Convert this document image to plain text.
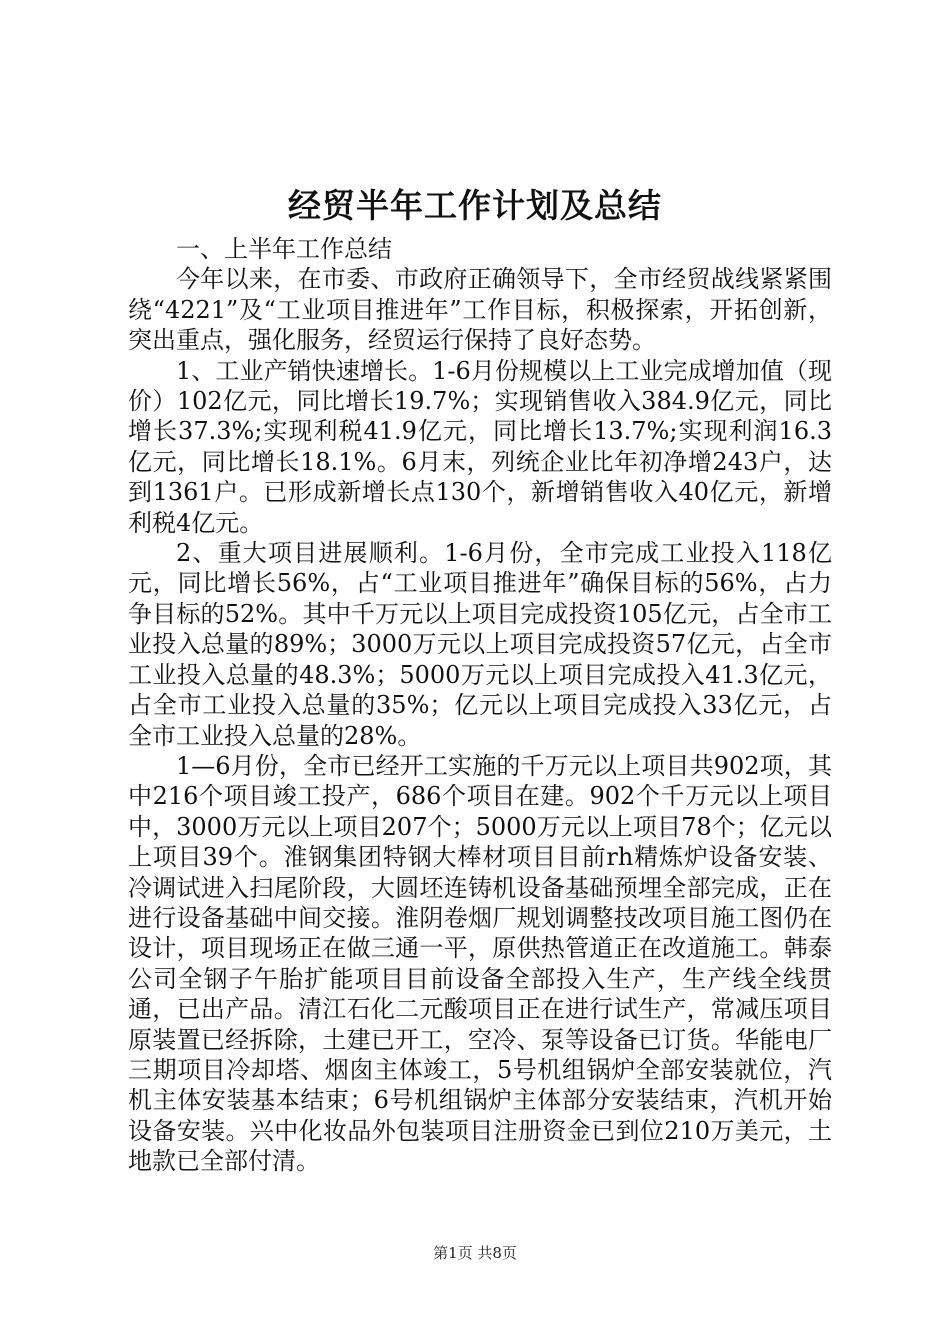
经贸半年工作计划及总结

一、上半年工作总结

今年以来，在市委、市政府正确领导下，全市经贸战线紧紧围绕“4221”及“工业项目推进年”工作目标，积极探索，开拓创新，突出重点，强化服务，经贸运行保持了良好态势。

1、工业产销快速增长。1-6月份规模以上工业完成增加值（现价）102亿元，同比增长19.7%；实现销售收入384.9亿元，同比增长37.3%;实现利税41.9亿元，同比增长13.7%;实现利润16.3亿元，同比增长18.1%。6月末，列统企业比年初净增243户，达到1361户。已形成新增长点130个，新增销售收入40亿元，新增利税4亿元。

2、重大项目进展顺利。1-6月份，全市完成工业投入118亿元，同比增长56%，占“工业项目推进年”确保目标的56%，占力争目标的52%。其中千万元以上项目完成投资105亿元，占全市工业投入总量的89%；3000万元以上项目完成投资57亿元，占全市工业投入总量的48.3%；5000万元以上项目完成投入41.3亿元，占全市工业投入总量的35%；亿元以上项目完成投入33亿元，占全市工业投入总量的28%。

1—6月份，全市已经开工实施的千万元以上项目共902项，其中216个项目竣工投产，686个项目在建。902个千万元以上项目中，3000万元以上项目207个；5000万元以上项目78个；亿元以上项目39个。淮钢集团特钢大棒材项目目前rh精炼炉设备安装、冷调试进入扫尾阶段，大圆坯连铸机设备基础预埋全部完成，正在进行设备基础中间交接。淮阴卷烟厂规划调整技改项目施工图仍在设计，项目现场正在做三通一平，原供热管道正在改道施工。韩泰公司全钢子午胎扩能项目目前设备全部投入生产，生产线全线贯通，已出产品。清江石化二元酸项目正在进行试生产，常减压项目原装置已经拆除，土建已开工，空冷、泵等设备已订货。华能电厂三期项目冷却塔、烟囱主体竣工，5号机组锅炉全部安装就位，汽机主体安装基本结束；6号机组锅炉主体部分安装结束，汽机开始设备安装。兴中化妆品外包装项目注册资金已到位210万美元，土地款已全部付清。

第1页 共8页
